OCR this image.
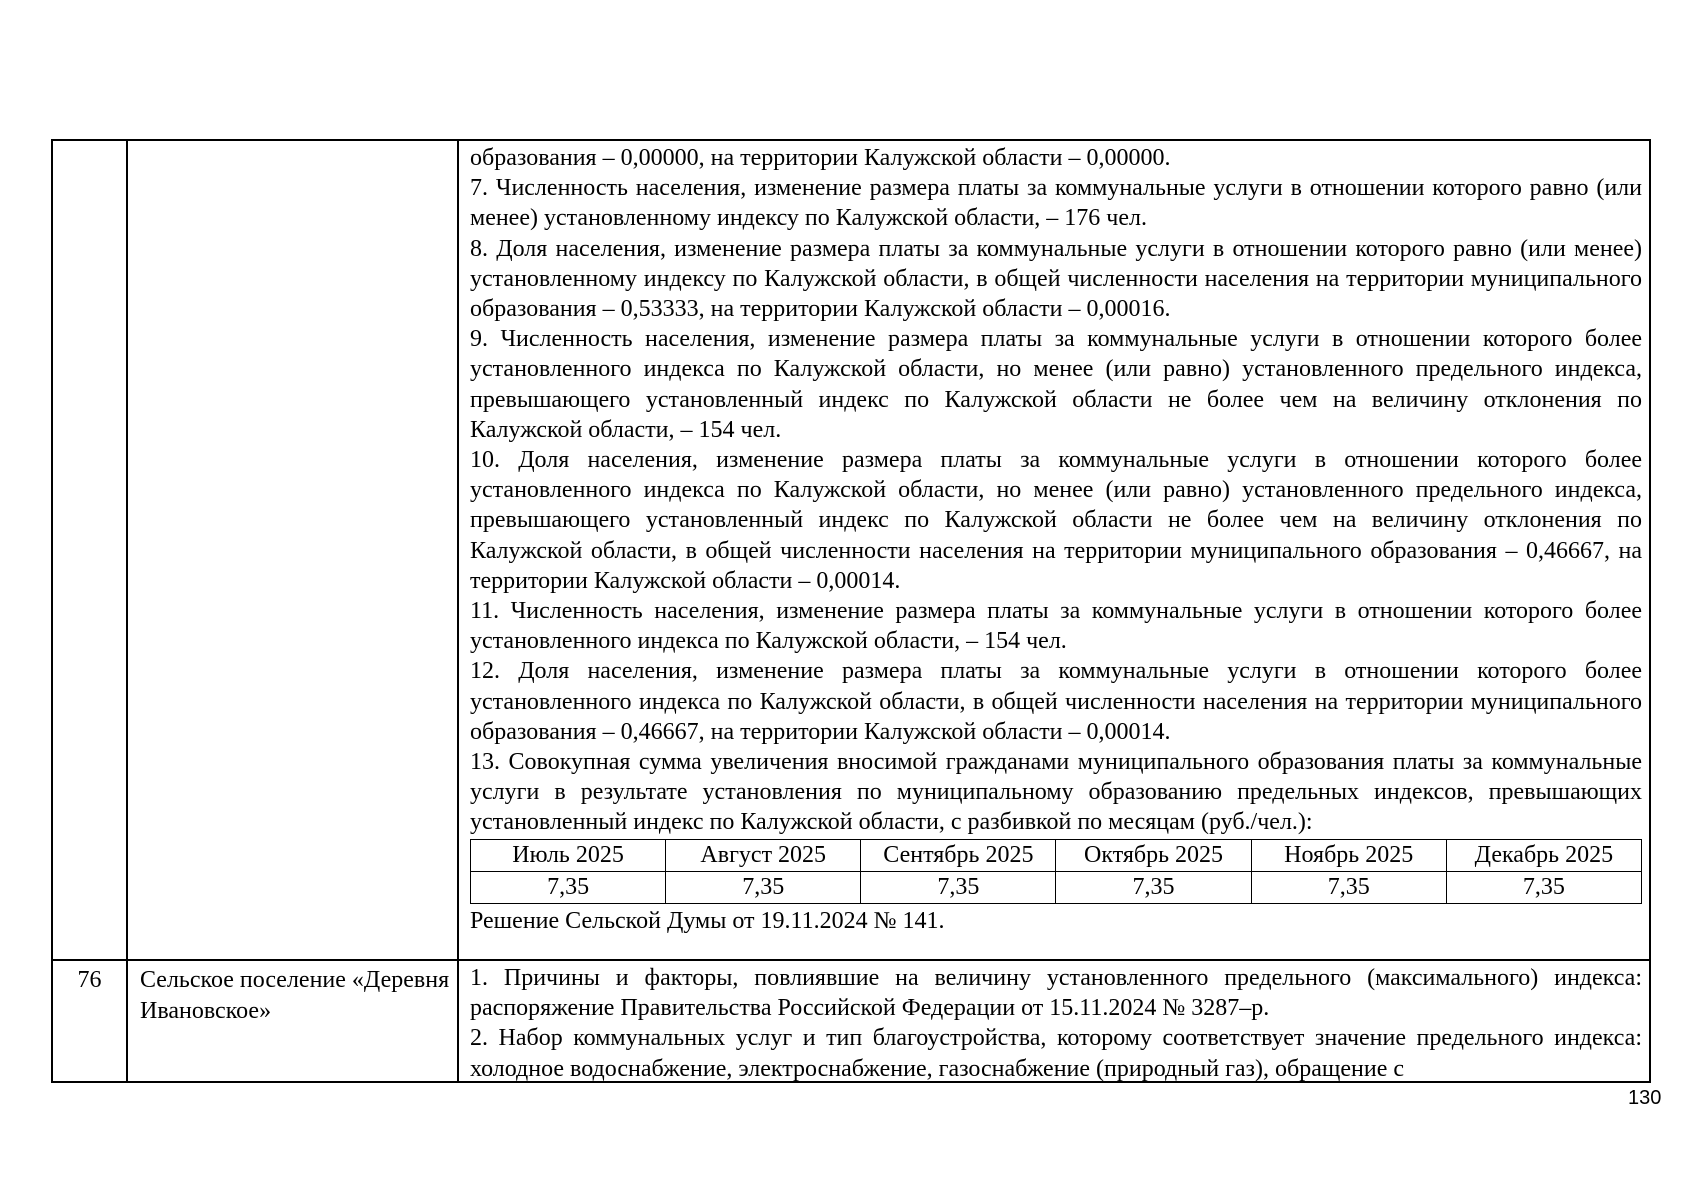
образования – 0,00000, на территории Калужской области – 0,00000.

7. Численность населения, изменение размера платы за коммунальные услуги в отношении которого равно (или менее) установленному индексу по Калужской области, – 176 чел.

8. Доля населения, изменение размера платы за коммунальные услуги в отношении которого равно (или менее) установленному индексу по Калужской области, в общей численности населения на территории муниципального образования – 0,53333, на территории Калужской области – 0,00016.

9. Численность населения, изменение размера платы за коммунальные услуги в отношении которого более установленного индекса по Калужской области, но менее (или равно) установленного предельного индекса, превышающего установленный индекс по Калужской области не более чем на величину отклонения по Калужской области, – 154 чел.

10. Доля населения, изменение размера платы за коммунальные услуги в отношении которого более установленного индекса по Калужской области, но менее (или равно) установленного предельного индекса, превышающего установленный индекс по Калужской области не более чем на величину отклонения по Калужской области, в общей численности населения на территории муниципального образования – 0,46667, на территории Калужской области – 0,00014.

11. Численность населения, изменение размера платы за коммунальные услуги в отношении которого более установленного индекса по Калужской области, – 154 чел.

12. Доля населения, изменение размера платы за коммунальные услуги в отношении которого более установленного индекса по Калужской области, в общей численности населения на территории муниципального образования – 0,46667, на территории Калужской области – 0,00014.

13. Совокупная сумма увеличения вносимой гражданами муниципального образования платы за коммунальные услуги в результате установления по муниципальному образованию предельных индексов, превышающих установленный индекс по Калужской области, с разбивкой по месяцам (руб./чел.):

Июль 2025	Август 2025	Сентябрь 2025	Октябрь 2025	Ноябрь 2025	Декабрь 2025
7,35	7,35	7,35	7,35	7,35	7,35

Решение Сельской Думы от 19.11.2024 № 141.

76	Сельское поселение «Деревня Ивановское»

1. Причины и факторы, повлиявшие на величину установленного предельного (максимального) индекса: распоряжение Правительства Российской Федерации от 15.11.2024 № 3287–р.

2. Набор коммунальных услуг и тип благоустройства, которому соответствует значение предельного индекса: холодное водоснабжение, электроснабжение, газоснабжение (природный газ), обращение с

130
